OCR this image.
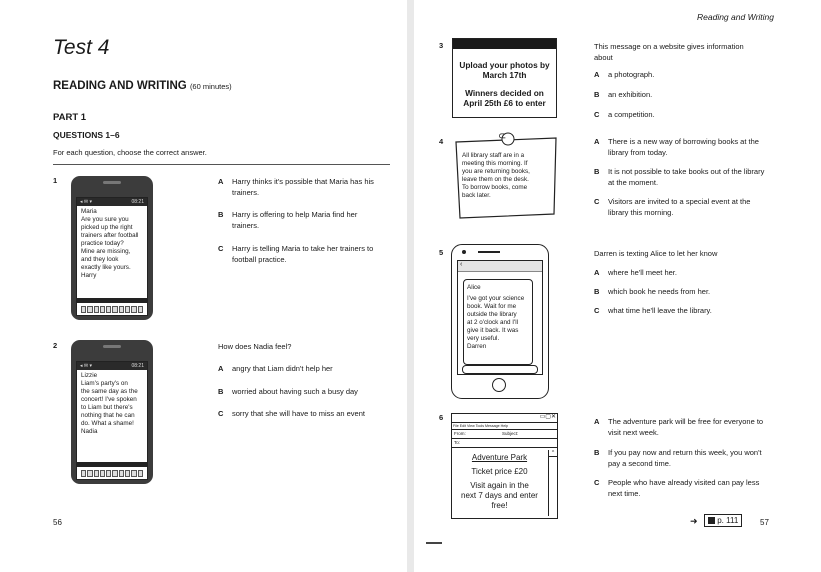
Test 4
READING AND WRITING (60 minutes)
PART 1
QUESTIONS 1–6
For each question, choose the correct answer.
1
◂ ✉ ▾	08:21
Maria
Are you sure you
picked up the right
trainers after football
practice today?
Mine are missing,
and they look
exactly like yours.
Harry
A Harry thinks it's possible that Maria has his
trainers.
B Harry is offering to help Maria find her
trainers.
C Harry is telling Maria to take her trainers to
football practice.
2
◂ ✉ ▾	08:21
Lizzie
Liam's party's on
the same day as the
concert! I've spoken
to Liam but there's
nothing that he can
do. What a shame!
Nadia
How does Nadia feel?
A angry that Liam didn't help her
B worried about having such a busy day
C sorry that she will have to miss an event
56
Reading and Writing
3
Upload your photos by
March 17th
Winners decided on
April 25th £6 to enter
This message on a website gives information
about
A a photograph.
B an exhibition.
C a competition.
4	⊂
All library staff are in a
meeting this morning. If
you are returning books,
leave them on the desk.
To borrow books, come
back later.
A There is a new way of borrowing books at the
library from today.
B It is not possible to take books out of the library
at the moment.
C Visitors are invited to a special event at the
library this morning.
5
‹
Alice
I've got your science
book. Wait for me
outside the library
at 2 o'clock and I'll
give it back. It was
very useful.
Darren
Darren is texting Alice to let her know
A where he'll meet her.
B which book he needs from her.
C what time he'll leave the library.
6	▭▢✕
File Edit View Tools Message Help
From:	Subject:
To:
Adventure Park
Ticket price £20
Visit again in the
next 7 days and enter
free!
^
A The adventure park will be free for everyone to
visit next week.
B If you pay now and return this week, you won't
pay a second time.
C People who have already visited can pay less
next time.
➜	p. 111	57
